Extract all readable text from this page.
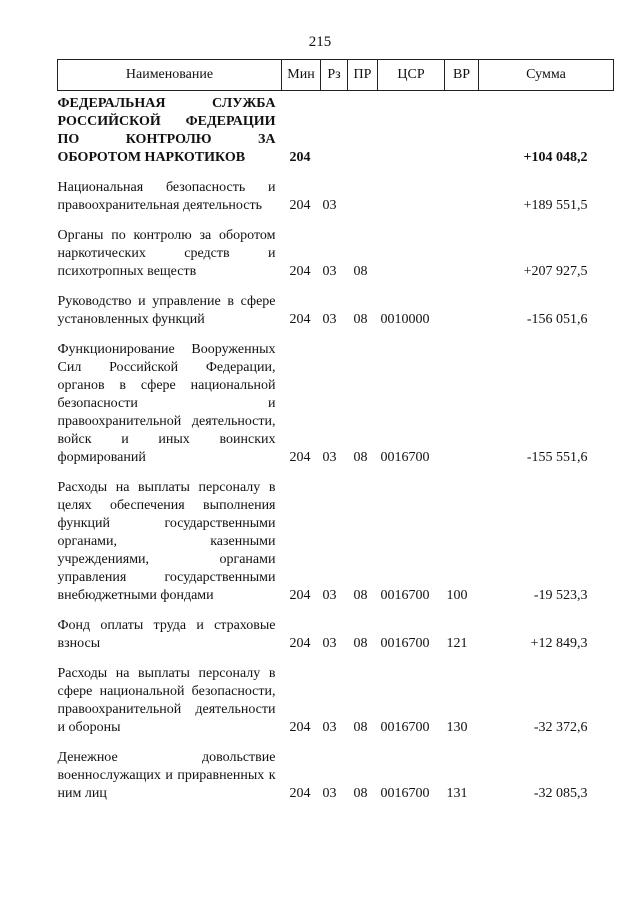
215
Наименование	Мин	Рз	ПР	ЦСР	ВР	Сумма
ФЕДЕРАЛЬНАЯ СЛУЖБА РОССИЙСКОЙ ФЕДЕРАЦИИ ПО КОНТРОЛЮ ЗА ОБОРОТОМ НАРКОТИКОВ	204					+104 048,2
Национальная безопасность и правоохранительная деятельность	204	03				+189 551,5
Органы по контролю за оборотом наркотических средств и психотропных веществ	204	03	08			+207 927,5
Руководство и управление в сфере установленных функций	204	03	08	0010000		-156 051,6
Функционирование Вооруженных Сил Российской Федерации, органов в сфере национальной безопасности и правоохранительной деятельности, войск и иных воинских формирований	204	03	08	0016700		-155 551,6
Расходы на выплаты персоналу в целях обеспечения выполнения функций государственными органами, казенными учреждениями, органами управления государственными внебюджетными фондами	204	03	08	0016700	100	-19 523,3
Фонд оплаты труда и страховые взносы	204	03	08	0016700	121	+12 849,3
Расходы на выплаты персоналу в сфере национальной безопасности, правоохранительной деятельности и обороны	204	03	08	0016700	130	-32 372,6
Денежное довольствие военнослужащих и приравненных к ним лиц	204	03	08	0016700	131	-32 085,3
